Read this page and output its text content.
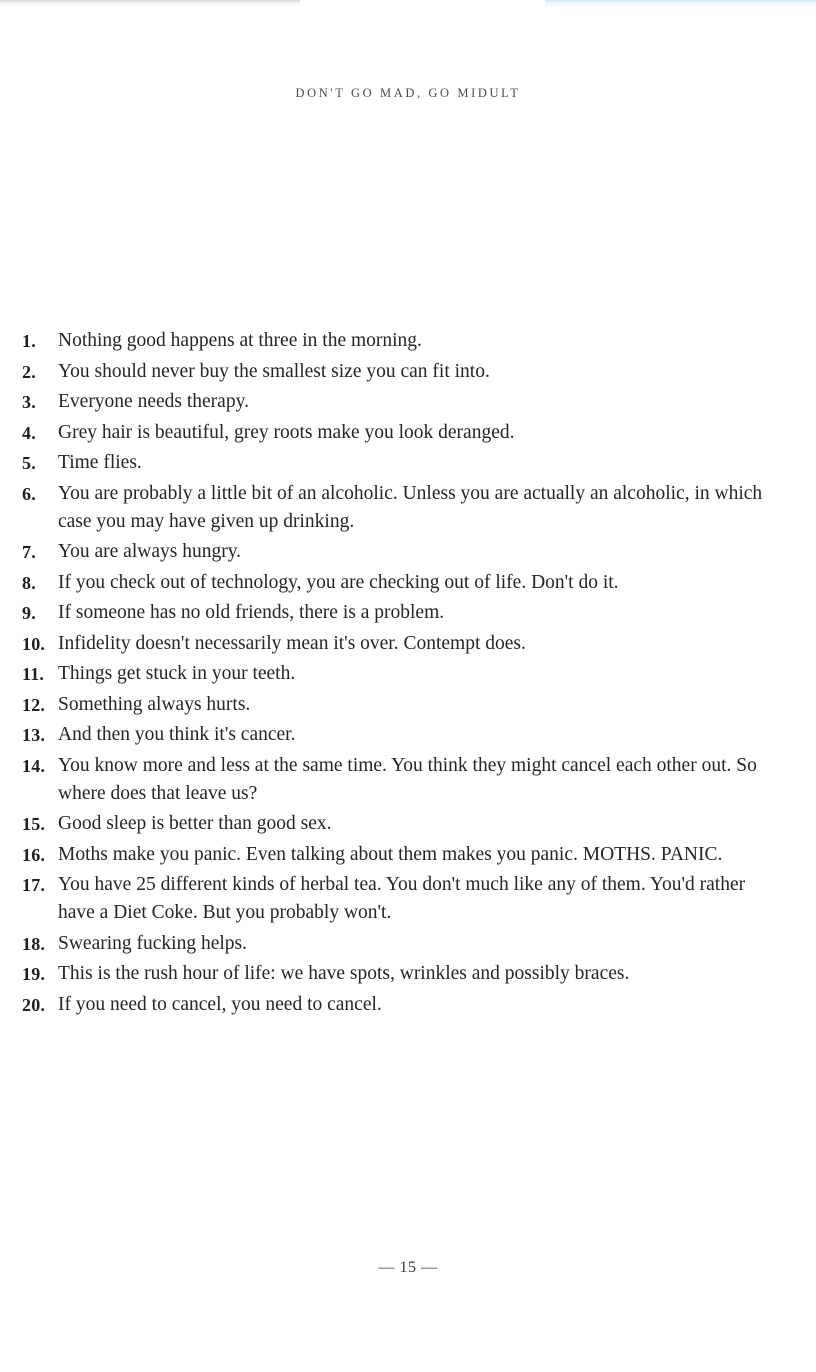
DON'T GO MAD, GO MIDULT
1. Nothing good happens at three in the morning.
2. You should never buy the smallest size you can fit into.
3. Everyone needs therapy.
4. Grey hair is beautiful, grey roots make you look deranged.
5. Time flies.
6. You are probably a little bit of an alcoholic. Unless you are actually an alcoholic, in which case you may have given up drinking.
7. You are always hungry.
8. If you check out of technology, you are checking out of life. Don't do it.
9. If someone has no old friends, there is a problem.
10. Infidelity doesn't necessarily mean it's over. Contempt does.
11. Things get stuck in your teeth.
12. Something always hurts.
13. And then you think it's cancer.
14. You know more and less at the same time. You think they might cancel each other out. So where does that leave us?
15. Good sleep is better than good sex.
16. Moths make you panic. Even talking about them makes you panic. MOTHS. PANIC.
17. You have 25 different kinds of herbal tea. You don't much like any of them. You'd rather have a Diet Coke. But you probably won't.
18. Swearing fucking helps.
19. This is the rush hour of life: we have spots, wrinkles and possibly braces.
20. If you need to cancel, you need to cancel.
— 15 —
